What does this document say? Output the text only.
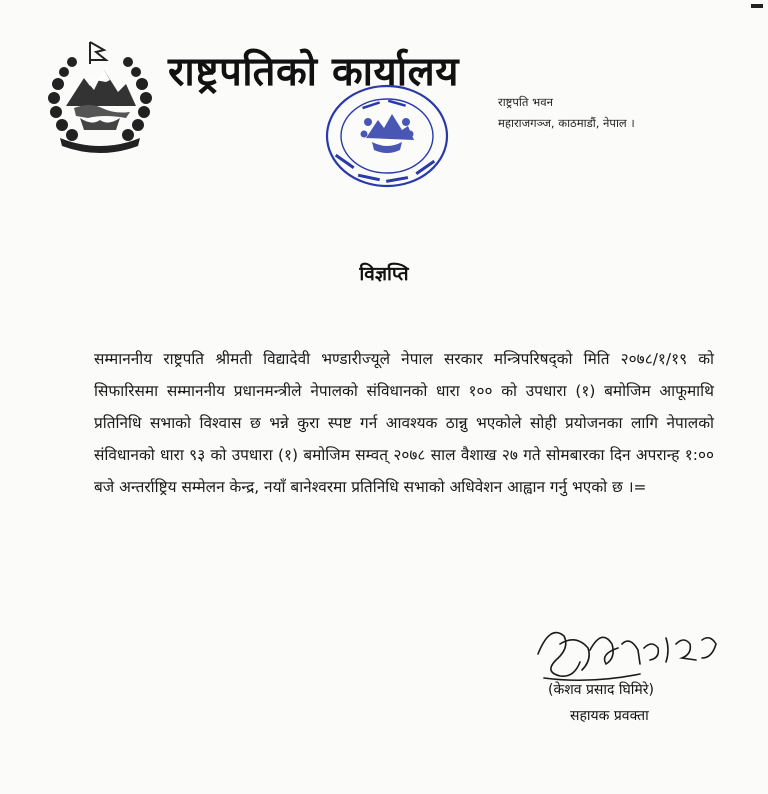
राष्ट्रपतिको कार्यालय
राष्ट्रपति भवन
महाराजगञ्ज, काठमाडौं, नेपाल ।
विज्ञप्ति
सम्माननीय राष्ट्रपति श्रीमती विद्यादेवी भण्डारीज्यूले नेपाल सरकार मन्त्रिपरिषद्‌को मिति २०७८/१/१९ को सिफारिसमा सम्माननीय प्रधानमन्त्रीले नेपालको संविधानको धारा १०० को उपधारा (१) बमोजिम आफूमाथि प्रतिनिधि सभाको विश्वास छ भन्ने कुरा स्पष्ट गर्न आवश्यक ठान्नु भएकोले सोही प्रयोजनका लागि नेपालको संविधानको धारा ९३ को उपधारा (१) बमोजिम सम्वत् २०७८ साल वैशाख २७ गते सोमबारका दिन अपरान्ह १:०० बजे अन्तर्राष्ट्रिय सम्मेलन केन्द्र, नयाँ बानेश्वरमा प्रतिनिधि सभाको अधिवेशन आह्वान गर्नु भएको छ ।=
(केशव प्रसाद घिमिरे)
सहायक प्रवक्ता
